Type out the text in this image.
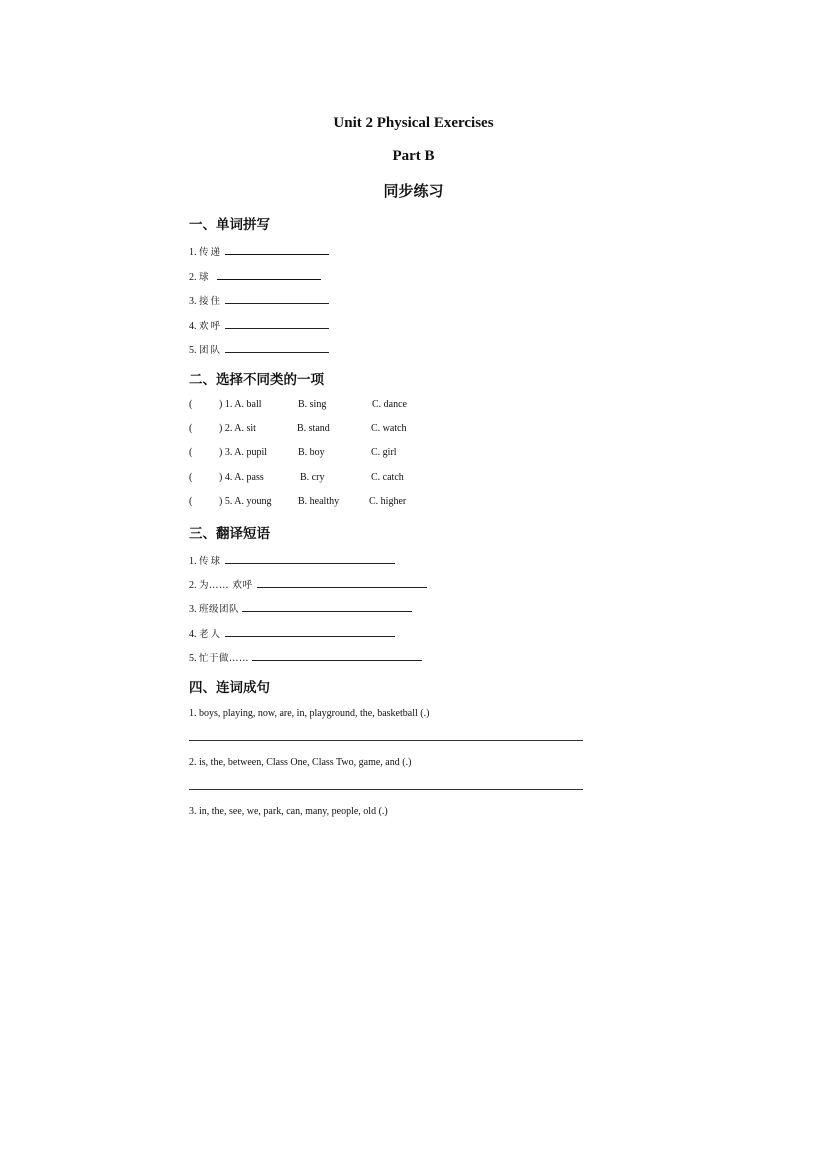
Unit 2 Physical Exercises
Part B
同步练习
一、单词拼写
1. 传递
2. 球
3. 接住
4. 欢呼
5. 团队
二、选择不同类的一项
(	) 1. A. ball	B. sing	C. dance
(	) 2. A. sit	B. stand	C. watch
(	) 3. A. pupil	B. boy	C. girl
(	) 4. A. pass	B. cry	C. catch
(	) 5. A. young	B. healthy	C. higher
三、翻译短语
1. 传球
2. 为…… 欢呼
3. 班级团队
4. 老人
5. 忙于做……
四、连词成句
1. boys, playing, now, are, in, playground, the, basketball (.)
2. is, the, between, Class One, Class Two, game, and (.)
3. in, the, see, we, park, can, many, people, old (.)
